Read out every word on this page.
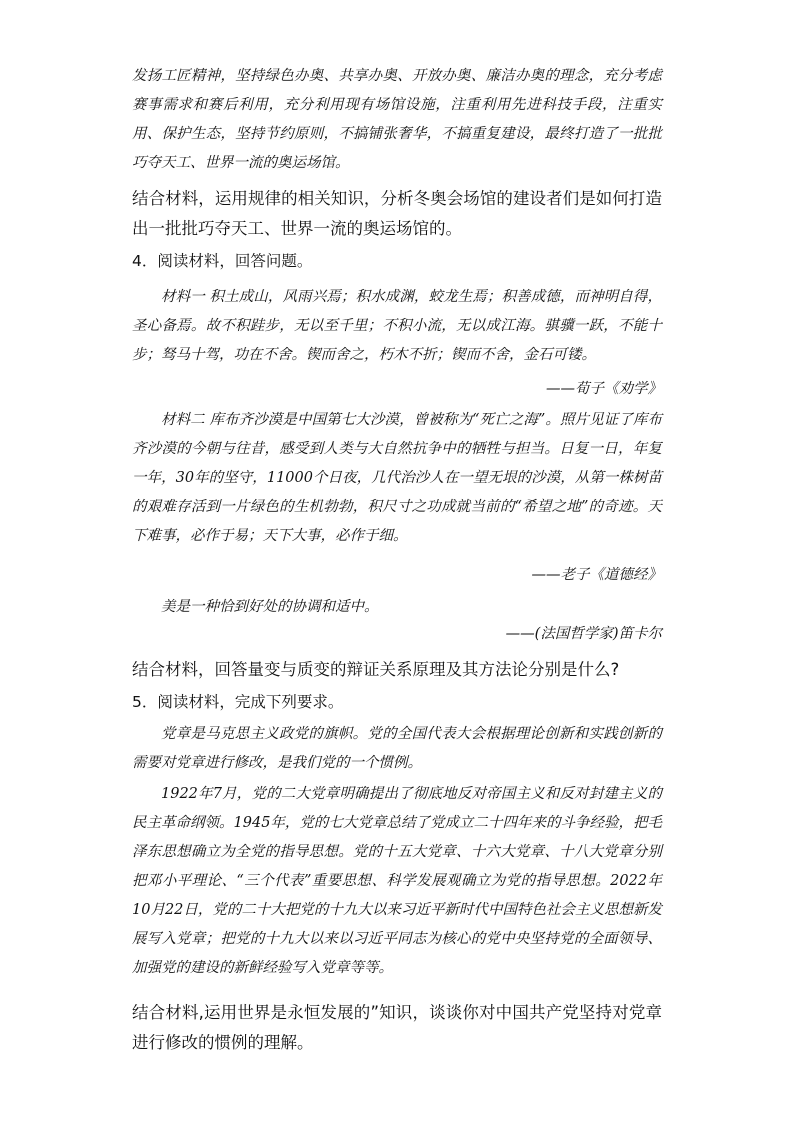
发扬工匠精神，坚持绿色办奥、共享办奥、开放办奥、廉洁办奥的理念，充分考虑赛事需求和赛后利用，充分利用现有场馆设施，注重利用先进科技手段，注重实用、保护生态，坚持节约原则，不搞铺张奢华，不搞重复建设，最终打造了一批批巧夺天工、世界一流的奥运场馆。

结合材料，运用规律的相关知识，分析冬奥会场馆的建设者们是如何打造出一批批巧夺天工、世界一流的奥运场馆的。

4．阅读材料，回答问题。

材料一 积土成山，风雨兴焉；积水成渊，蛟龙生焉；积善成德，而神明自得，圣心备焉。故不积跬步，无以至千里；不积小流，无以成江海。骐骥一跃，不能十步；驽马十驾，功在不舍。锲而舍之，朽木不折；锲而不舍，金石可镂。

——荀子《劝学》

材料二 库布齐沙漠是中国第七大沙漠，曾被称为“死亡之海”。照片见证了库布齐沙漠的今朝与往昔，感受到人类与大自然抗争中的牺牲与担当。日复一日，年复一年，30年的坚守，11000个日夜，几代治沙人在一望无垠的沙漠，从第一株树苗的艰难存活到一片绿色的生机勃勃，积尺寸之功成就当前的“希望之地”的奇迹。天下难事，必作于易；天下大事，必作于细。

——老子《道德经》

美是一种恰到好处的协调和适中。

——(法国哲学家)笛卡尔

结合材料，回答量变与质变的辩证关系原理及其方法论分别是什么?

5．阅读材料，完成下列要求。

党章是马克思主义政党的旗帜。党的全国代表大会根据理论创新和实践创新的需要对党章进行修改，是我们党的一个惯例。

1922年7月，党的二大党章明确提出了彻底地反对帝国主义和反对封建主义的民主革命纲领。1945年，党的七大党章总结了党成立二十四年来的斗争经验，把毛泽东思想确立为全党的指导思想。党的十五大党章、十六大党章、十八大党章分别把邓小平理论、“三个代表”重要思想、科学发展观确立为党的指导思想。2022年10月22日，党的二十大把党的十九大以来习近平新时代中国特色社会主义思想新发展写入党章；把党的十九大以来以习近平同志为核心的党中央坚持党的全面领导、加强党的建设的新鲜经验写入党章等等。

结合材料,运用世界是永恒发展的”知识，谈谈你对中国共产党坚持对党章进行修改的惯例的理解。
